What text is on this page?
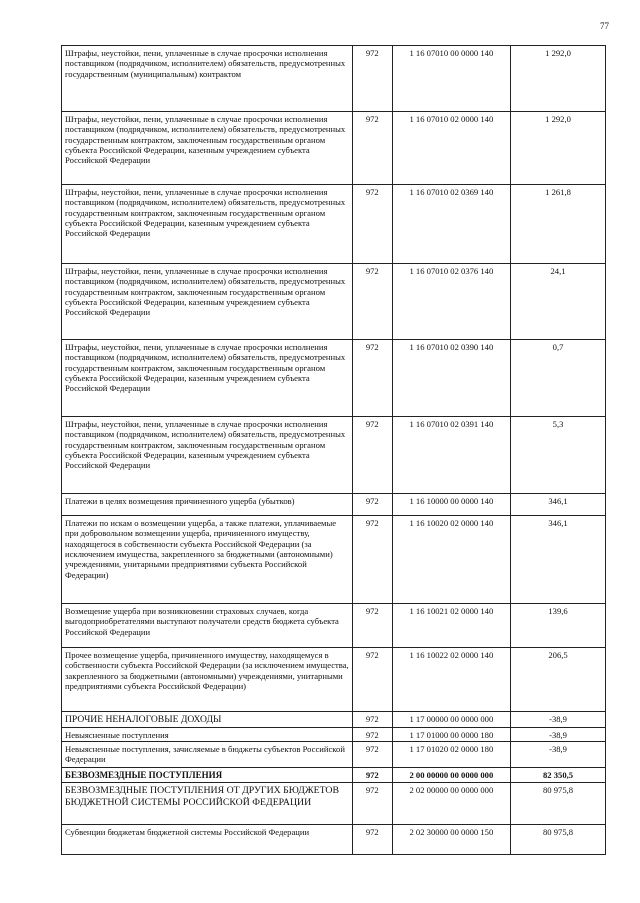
77
Штрафы, неустойки, пени, уплаченные в случае просрочки исполнения поставщиком (подрядчиком, исполнителем) обязательств, предусмотренных государственным (муниципальным) контрактом	972	1 16 07010 00 0000 140	1 292,0
Штрафы, неустойки, пени, уплаченные в случае просрочки исполнения поставщиком (подрядчиком, исполнителем) обязательств, предусмотренных государственным контрактом, заключенным государственным органом субъекта Российской Федерации, казенным учреждением субъекта Российской Федерации	972	1 16 07010 02 0000 140	1 292,0
Штрафы, неустойки, пени, уплаченные в случае просрочки исполнения поставщиком (подрядчиком, исполнителем) обязательств, предусмотренных государственным контрактом, заключенным государственным органом субъекта Российской Федерации, казенным учреждением субъекта Российской Федерации	972	1 16 07010 02 0369 140	1 261,8
Штрафы, неустойки, пени, уплаченные в случае просрочки исполнения поставщиком (подрядчиком, исполнителем) обязательств, предусмотренных государственным контрактом, заключенным государственным органом субъекта Российской Федерации, казенным учреждением субъекта Российской Федерации	972	1 16 07010 02 0376 140	24,1
Штрафы, неустойки, пени, уплаченные в случае просрочки исполнения поставщиком (подрядчиком, исполнителем) обязательств, предусмотренных государственным контрактом, заключенным государственным органом субъекта Российской Федерации, казенным учреждением субъекта Российской Федерации	972	1 16 07010 02 0390 140	0,7
Штрафы, неустойки, пени, уплаченные в случае просрочки исполнения поставщиком (подрядчиком, исполнителем) обязательств, предусмотренных государственным контрактом, заключенным государственным органом субъекта Российской Федерации, казенным учреждением субъекта Российской Федерации	972	1 16 07010 02 0391 140	5,3
Платежи в целях возмещения причиненного ущерба (убытков)	972	1 16 10000 00 0000 140	346,1
Платежи по искам о возмещении ущерба, а также платежи, уплачиваемые при добровольном возмещении ущерба, причиненного имуществу, находящегося в собственности субъекта Российской Федерации (за исключением имущества, закрепленного за бюджетными (автономными) учреждениями, унитарными предприятиями субъекта Российской Федерации)	972	1 16 10020 02 0000 140	346,1
Возмещение ущерба при возникновении страховых случаев, когда выгодоприобретателями выступают получатели средств бюджета субъекта Российской Федерации	972	1 16 10021 02 0000 140	139,6
Прочее возмещение ущерба, причиненного имуществу, находящемуся в собственности субъекта Российской Федерации (за исключением имущества, закрепленного за бюджетными (автономными) учреждениями, унитарными предприятиями субъекта Российской Федерации)	972	1 16 10022 02 0000 140	206,5
ПРОЧИЕ НЕНАЛОГОВЫЕ ДОХОДЫ	972	1 17 00000 00 0000 000	-38,9
Невыясненные поступления	972	1 17 01000 00 0000 180	-38,9
Невыясненные поступления, зачисляемые в бюджеты субъектов Российской Федерации	972	1 17 01020 02 0000 180	-38,9
БЕЗВОЗМЕЗДНЫЕ ПОСТУПЛЕНИЯ	972	2 00 00000 00 0000 000	82 350,5
БЕЗВОЗМЕЗДНЫЕ ПОСТУПЛЕНИЯ ОТ ДРУГИХ БЮДЖЕТОВ БЮДЖЕТНОЙ СИСТЕМЫ РОССИЙСКОЙ ФЕДЕРАЦИИ	972	2 02 00000 00 0000 000	80 975,8
Субвенции бюджетам бюджетной системы Российской Федерации	972	2 02 30000 00 0000 150	80 975,8
